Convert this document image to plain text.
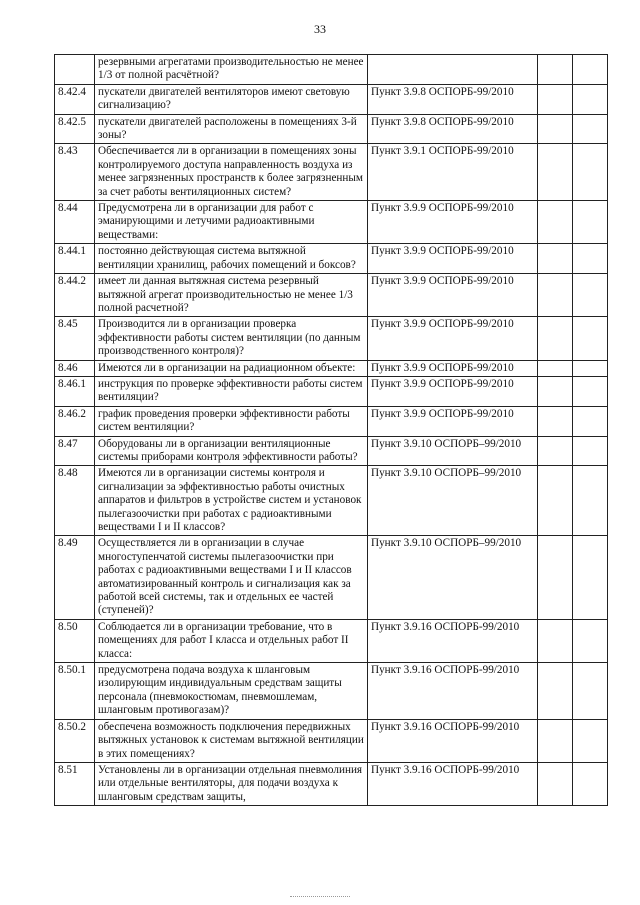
33
	резервными агрегатами производительностью не менее 1/3 от полной расчётной?			
8.42.4	пускатели двигателей вентиляторов имеют световую сигнализацию?	Пункт 3.9.8 ОСПОРБ-99/2010		
8.42.5	пускатели двигателей расположены в помещениях 3-й зоны?	Пункт 3.9.8 ОСПОРБ-99/2010		
8.43	Обеспечивается ли в организации в помещениях зоны контролируемого доступа направленность воздуха из менее загрязненных пространств к более загрязненным за счет работы вентиляционных систем?	Пункт 3.9.1 ОСПОРБ-99/2010		
8.44	Предусмотрена ли в организации для работ с эманирующими и летучими радиоактивными веществами:	Пункт 3.9.9 ОСПОРБ-99/2010		
8.44.1	постоянно действующая система вытяжной вентиляции хранилищ, рабочих помещений и боксов?	Пункт 3.9.9 ОСПОРБ-99/2010		
8.44.2	имеет ли данная вытяжная система резервный вытяжной агрегат производительностью не менее 1/3 полной расчетной?	Пункт 3.9.9 ОСПОРБ-99/2010		
8.45	Производится ли в организации проверка эффективности работы систем вентиляции (по данным производственного контроля)?	Пункт 3.9.9 ОСПОРБ-99/2010		
8.46	Имеются ли в организации на радиационном объекте:	Пункт 3.9.9 ОСПОРБ-99/2010		
8.46.1	инструкция по проверке эффективности работы систем вентиляции?	Пункт 3.9.9 ОСПОРБ-99/2010		
8.46.2	график проведения проверки эффективности работы систем вентиляции?	Пункт 3.9.9 ОСПОРБ-99/2010		
8.47	Оборудованы ли в организации вентиляционные системы приборами контроля эффективности работы?	Пункт 3.9.10 ОСПОРБ–99/2010		
8.48	Имеются ли в организации системы контроля и сигнализации за эффективностью работы очистных аппаратов и фильтров в устройстве систем и установок пылегазоочистки при работах с радиоактивными веществами I и II классов?	Пункт 3.9.10 ОСПОРБ–99/2010		
8.49	Осуществляется ли в организации в случае многоступенчатой системы пылегазоочистки при работах с радиоактивными веществами I и II классов автоматизированный контроль и сигнализация как за работой всей системы, так и отдельных ее частей (ступеней)?	Пункт 3.9.10 ОСПОРБ–99/2010		
8.50	Соблюдается ли в организации требование, что в помещениях для работ I класса и отдельных работ II класса:	Пункт 3.9.16 ОСПОРБ-99/2010		
8.50.1	предусмотрена подача воздуха к шланговым изолирующим индивидуальным средствам защиты персонала (пневмокостюмам, пневмошлемам, шланговым противогазам)?	Пункт 3.9.16 ОСПОРБ-99/2010		
8.50.2	обеспечена возможность подключения передвижных вытяжных установок к системам вытяжной вентиляции в этих помещениях?	Пункт 3.9.16 ОСПОРБ-99/2010		
8.51	Установлены ли в организации отдельная пневмолиния или отдельные вентиляторы, для подачи воздуха к шланговым средствам защиты,	Пункт 3.9.16 ОСПОРБ-99/2010		
